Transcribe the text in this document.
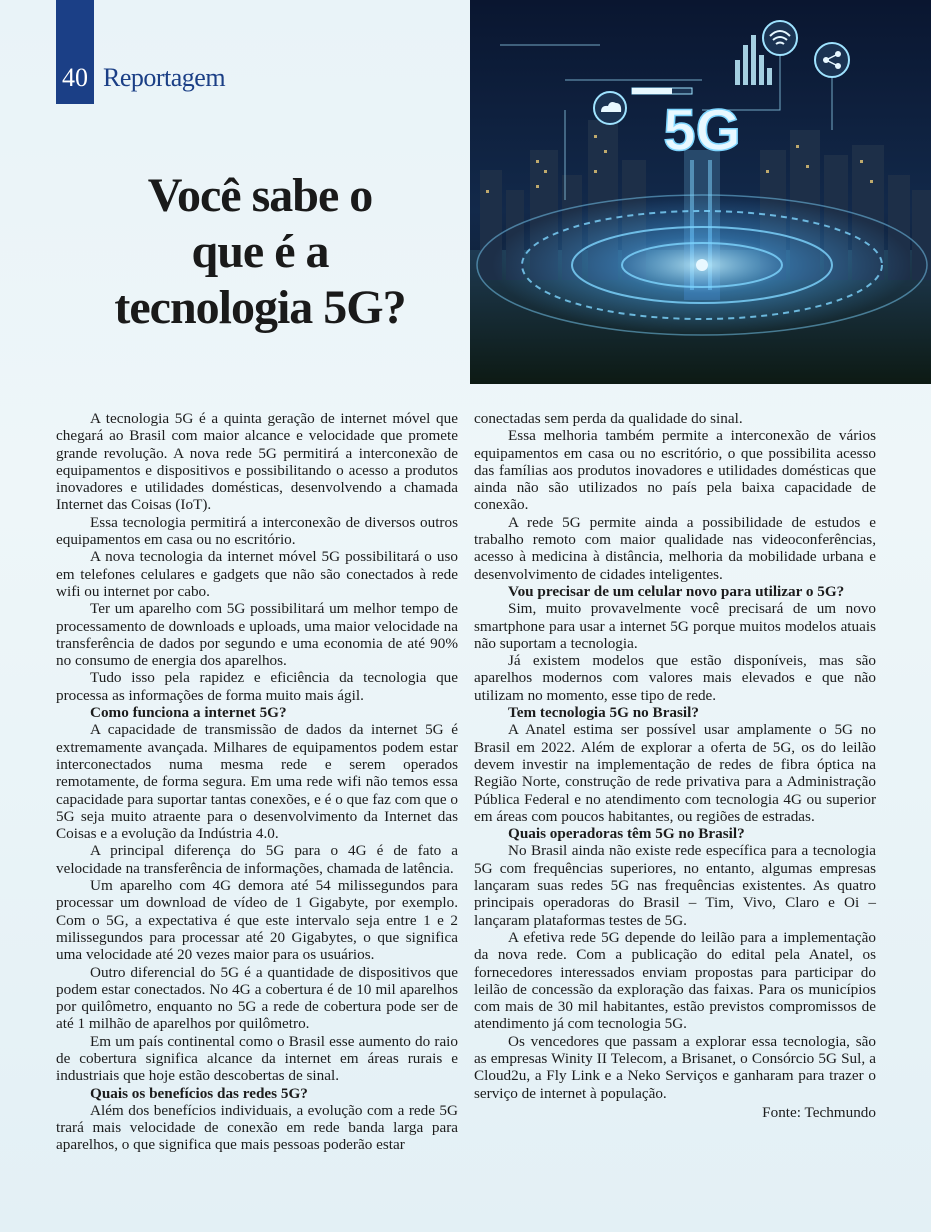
40 Reportagem
Você sabe o
que é a
tecnologia 5G?
5G

A tecnologia 5G é a quinta geração de internet móvel que chegará ao Brasil com maior alcance e velocidade que promete grande revolução. A nova rede 5G permitirá a interconexão de equipamentos e dispositivos e possibilitando o acesso a produtos inovadores e utilidades domésticas, desenvolvendo a chamada Internet das Coisas (IoT).

Essa tecnologia permitirá a interconexão de diversos outros equipamentos em casa ou no escritório.

A nova tecnologia da internet móvel 5G possibilitará o uso em telefones celulares e gadgets que não são conectados à rede wifi ou internet por cabo.

Ter um aparelho com 5G possibilitará um melhor tempo de processamento de downloads e uploads, uma maior velocidade na transferência de dados por segundo e uma economia de até 90% no consumo de energia dos aparelhos.

Tudo isso pela rapidez e eficiência da tecnologia que processa as informações de forma muito mais ágil.

Como funciona a internet 5G?

A capacidade de transmissão de dados da internet 5G é extremamente avançada. Milhares de equipamentos podem estar interconectados numa mesma rede e serem operados remotamente, de forma segura. Em uma rede wifi não temos essa capacidade para suportar tantas conexões, e é o que faz com que o 5G seja muito atraente para o desenvolvimento da Internet das Coisas e a evolução da Indústria 4.0.

A principal diferença do 5G para o 4G é de fato a velocidade na transferência de informações, chamada de latência.

Um aparelho com 4G demora até 54 milissegundos para processar um download de vídeo de 1 Gigabyte, por exemplo. Com o 5G, a expectativa é que este intervalo seja entre 1 e 2 milissegundos para processar até 20 Gigabytes, o que significa uma velocidade até 20 vezes maior para os usuários.

Outro diferencial do 5G é a quantidade de dispositivos que podem estar conectados. No 4G a cobertura é de 10 mil aparelhos por quilômetro, enquanto no 5G a rede de cobertura pode ser de até 1 milhão de aparelhos por quilômetro.

Em um país continental como o Brasil esse aumento do raio de cobertura significa alcance da internet em áreas rurais e industriais que hoje estão descobertas de sinal.

Quais os benefícios das redes 5G?

Além dos benefícios individuais, a evolução com a rede 5G trará mais velocidade de conexão em rede banda larga para aparelhos, o que significa que mais pessoas poderão estar

conectadas sem perda da qualidade do sinal.

Essa melhoria também permite a interconexão de vários equipamentos em casa ou no escritório, o que possibilita acesso das famílias aos produtos inovadores e utilidades domésticas que ainda não são utilizados no país pela baixa capacidade de conexão.

A rede 5G permite ainda a possibilidade de estudos e trabalho remoto com maior qualidade nas videoconferências, acesso à medicina à distância, melhoria da mobilidade urbana e desenvolvimento de cidades inteligentes.

Vou precisar de um celular novo para utilizar o 5G?

Sim, muito provavelmente você precisará de um novo smartphone para usar a internet 5G porque muitos modelos atuais não suportam a tecnologia.

Já existem modelos que estão disponíveis, mas são aparelhos modernos com valores mais elevados e que não utilizam no momento, esse tipo de rede.

Tem tecnologia 5G no Brasil?

A Anatel estima ser possível usar amplamente o 5G no Brasil em 2022. Além de explorar a oferta de 5G, os do leilão devem investir na implementação de redes de fibra óptica na Região Norte, construção de rede privativa para a Administração Pública Federal e no atendimento com tecnologia 4G ou superior em áreas com poucos habitantes, ou regiões de estradas.

Quais operadoras têm 5G no Brasil?

No Brasil ainda não existe rede específica para a tecnologia 5G com frequências superiores, no entanto, algumas empresas lançaram suas redes 5G nas frequências existentes. As quatro principais operadoras do Brasil – Tim, Vivo, Claro e Oi – lançaram plataformas testes de 5G.

A efetiva rede 5G depende do leilão para a implementação da nova rede. Com a publicação do edital pela Anatel, os fornecedores interessados enviam propostas para participar do leilão de concessão da exploração das faixas. Para os municípios com mais de 30 mil habitantes, estão previstos compromissos de atendimento já com tecnologia 5G.

Os vencedores que passam a explorar essa tecnologia, são as empresas Winity II Telecom, a Brisanet, o Consórcio 5G Sul, a Cloud2u, a Fly Link e a Neko Serviços e ganharam para trazer o serviço de internet à população.

Fonte: Techmundo
